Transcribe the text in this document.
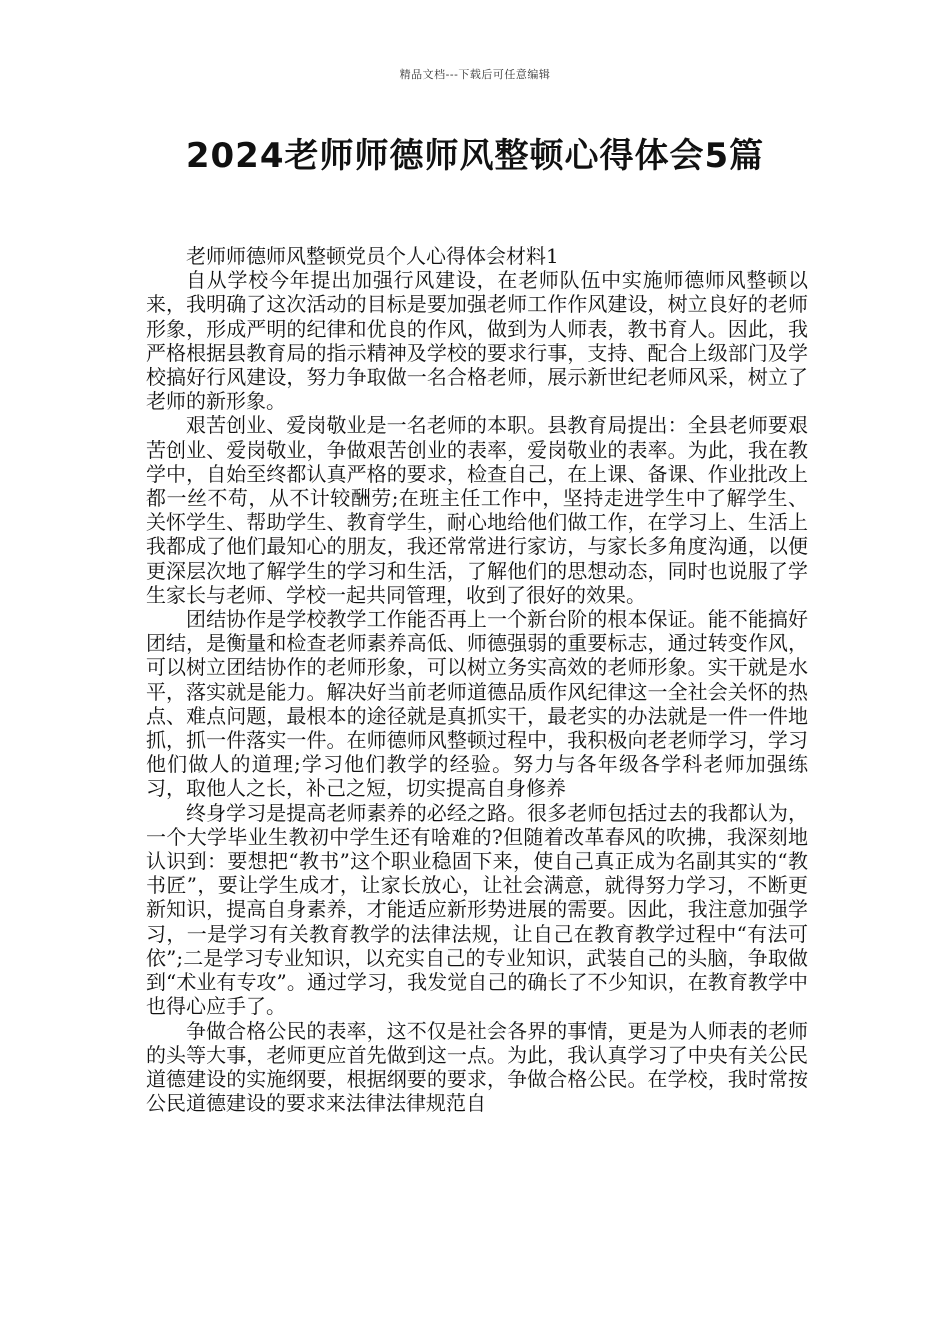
精品文档---下载后可任意编辑
2024老师师德师风整顿心得体会5篇

老师师德师风整顿党员个人心得体会材料1

自从学校今年提出加强行风建设，在老师队伍中实施师德师风整顿以来，我明确了这次活动的目标是要加强老师工作作风建设，树立良好的老师形象，形成严明的纪律和优良的作风，做到为人师表，教书育人。因此，我严格根据县教育局的指示精神及学校的要求行事，支持、配合上级部门及学校搞好行风建设，努力争取做一名合格老师，展示新世纪老师风采，树立了老师的新形象。

艰苦创业、爱岗敬业是一名老师的本职。县教育局提出：全县老师要艰苦创业、爱岗敬业，争做艰苦创业的表率，爱岗敬业的表率。为此，我在教学中，自始至终都认真严格的要求，检查自己，在上课、备课、作业批改上都一丝不苟，从不计较酬劳;在班主任工作中，坚持走进学生中了解学生、关怀学生、帮助学生、教育学生，耐心地给他们做工作，在学习上、生活上我都成了他们最知心的朋友，我还常常进行家访，与家长多角度沟通，以便更深层次地了解学生的学习和生活，了解他们的思想动态，同时也说服了学生家长与老师、学校一起共同管理，收到了很好的效果。

团结协作是学校教学工作能否再上一个新台阶的根本保证。能不能搞好团结，是衡量和检查老师素养高低、师德强弱的重要标志，通过转变作风，可以树立团结协作的老师形象，可以树立务实高效的老师形象。实干就是水平，落实就是能力。解决好当前老师道德品质作风纪律这一全社会关怀的热点、难点问题，最根本的途径就是真抓实干，最老实的办法就是一件一件地抓，抓一件落实一件。在师德师风整顿过程中，我积极向老老师学习，学习他们做人的道理;学习他们教学的经验。努力与各年级各学科老师加强练习，取他人之长，补己之短，切实提高自身修养

终身学习是提高老师素养的必经之路。很多老师包括过去的我都认为，一个大学毕业生教初中学生还有啥难的?但随着改革春风的吹拂，我深刻地认识到：要想把“教书”这个职业稳固下来，使自己真正成为名副其实的“教书匠”，要让学生成才，让家长放心，让社会满意，就得努力学习，不断更新知识，提高自身素养，才能适应新形势进展的需要。因此，我注意加强学习，一是学习有关教育教学的法律法规，让自己在教育教学过程中“有法可依”;二是学习专业知识，以充实自己的专业知识，武装自己的头脑，争取做到“术业有专攻”。通过学习，我发觉自己的确长了不少知识，在教育教学中也得心应手了。

争做合格公民的表率，这不仅是社会各界的事情，更是为人师表的老师的头等大事，老师更应首先做到这一点。为此，我认真学习了中央有关公民道德建设的实施纲要，根据纲要的要求，争做合格公民。在学校，我时常按公民道德建设的要求来法律法律规范自
